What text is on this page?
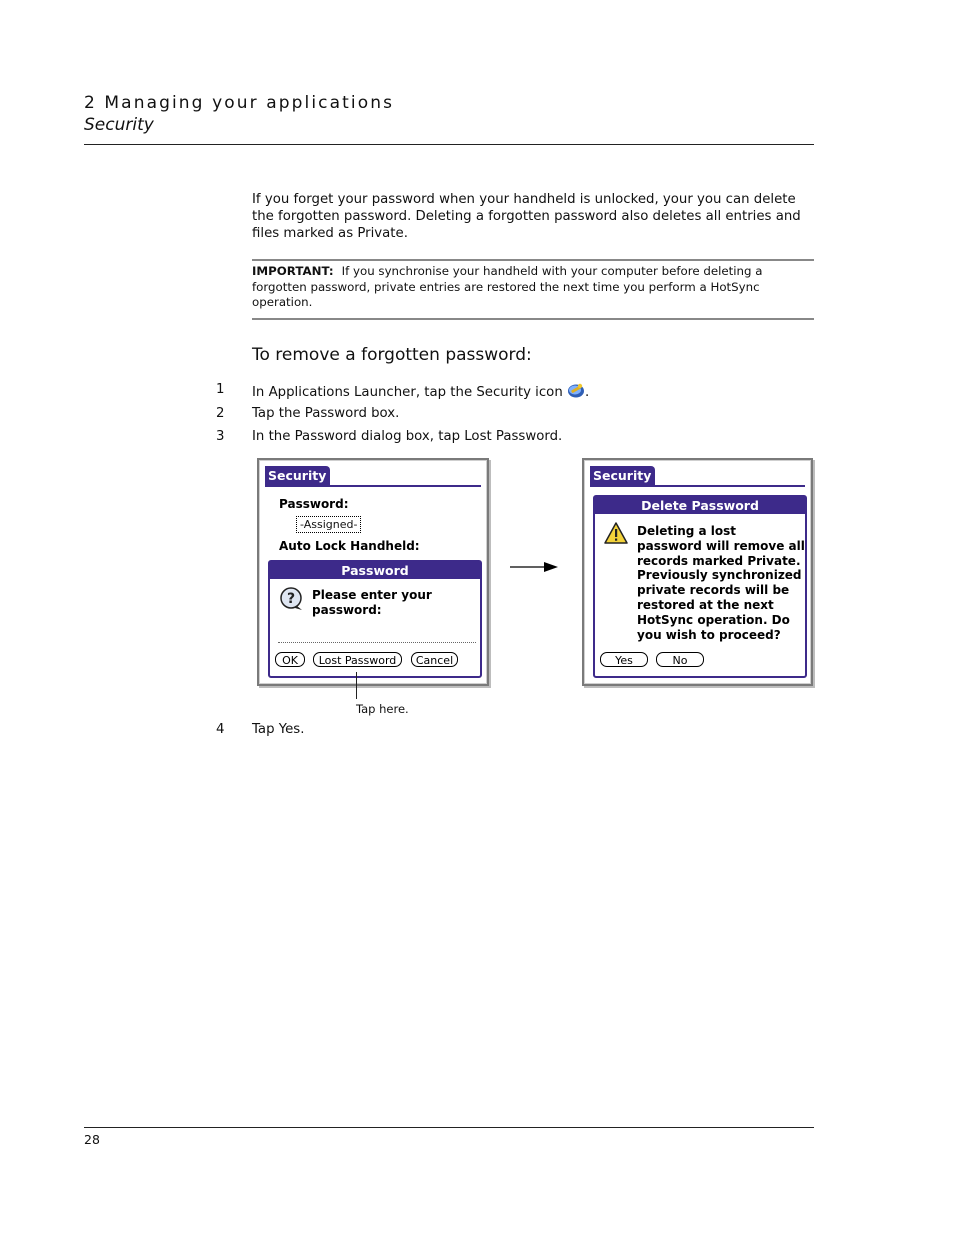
2 Managing your applications
Security
If you forget your password when your handheld is unlocked, your you can delete the forgotten password. Deleting a forgotten password also deletes all entries and files marked as Private.
IMPORTANT: If you synchronise your handheld with your computer before deleting a forgotten password, private entries are restored the next time you perform a HotSync operation.
To remove a forgotten password:
1 In Applications Launcher, tap the Security icon .
2 Tap the Password box.
3 In the Password dialog box, tap Lost Password.
Security
Password:
-Assigned-
Auto Lock Handheld:
Password
? Please enter your password:
OK	Lost Password	Cancel
Security
Delete Password
Deleting a lost
password will remove all
records marked Private.
Previously synchronized
private records will be
restored at the next
HotSync operation. Do
you wish to proceed?
Yes	No
Tap here.
4 Tap Yes.
28
